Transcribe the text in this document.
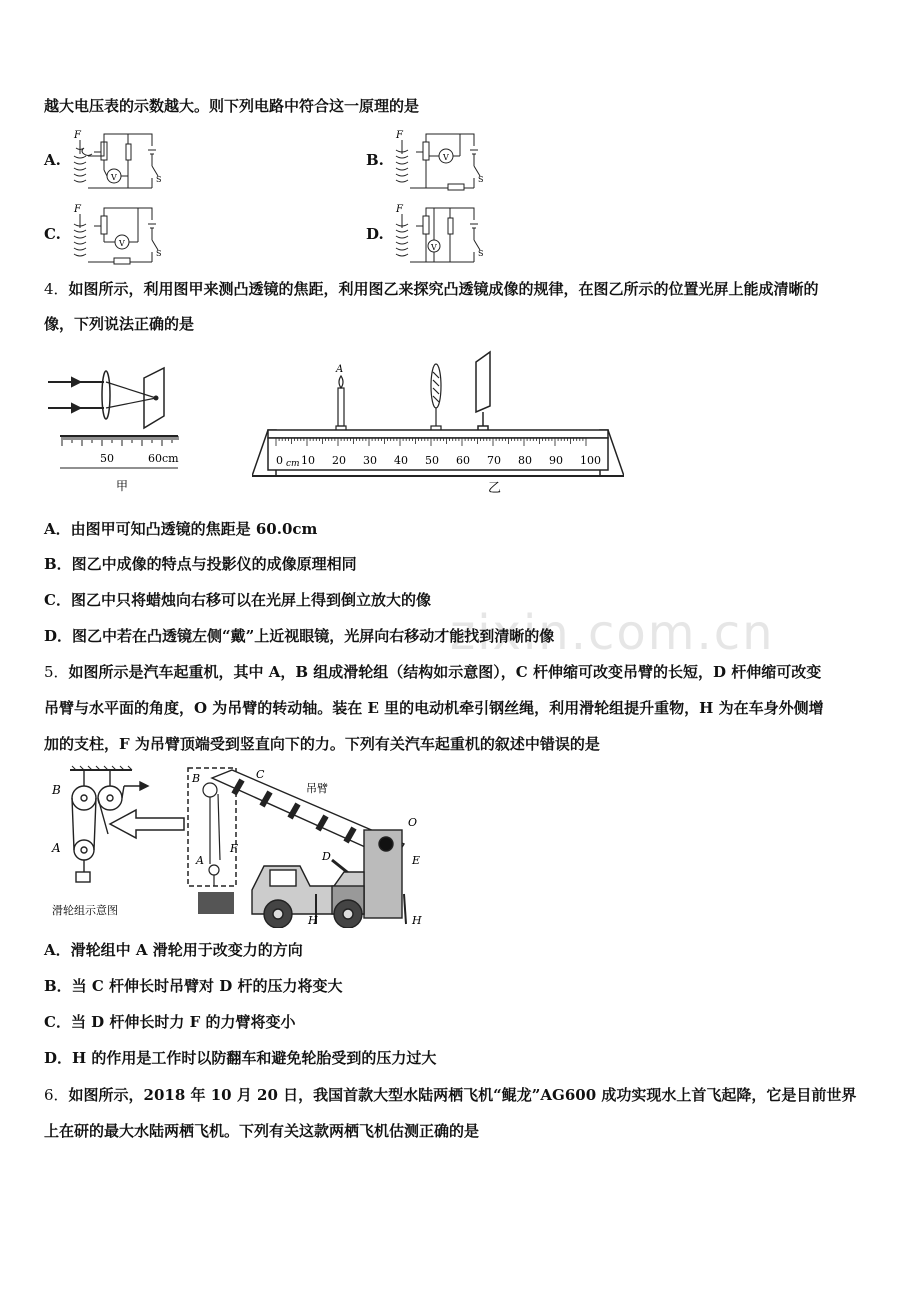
zixin.com.cn
越大电压表的示数越大。则下列电路中符合这一原理的是
A.	B.
C.	D.
F
V	S
F
V
S
F
V
S
F
V
S
4．如图所示，利用图甲来测凸透镜的焦距，利用图乙来探究凸透镜成像的规律，在图乙所示的位置光屏上能成清晰的
像，下列说法正确的是
50	60cm
甲
A
0 10 20 30 40 50 60 70 80 90 100
cm
乙
A．由图甲可知凸透镜的焦距是 60.0cm
B．图乙中成像的特点与投影仪的成像原理相同
C．图乙中只将蜡烛向右移可以在光屏上得到倒立放大的像
D．图乙中若在凸透镜左侧“戴”上近视眼镜，光屏向右移动才能找到清晰的像
5．如图所示是汽车起重机，其中 A，B 组成滑轮组（结构如示意图），C 杆伸缩可改变吊臂的长短，D 杆伸缩可改变
吊臂与水平面的角度，O 为吊臂的转动轴。装在 E 里的电动机牵引钢丝绳，利用滑轮组提升重物，H 为在车身外侧增
加的支柱，F 为吊臂顶端受到竖直向下的力。下列有关汽车起重机的叙述中错误的是
B
A
滑轮组示意图
B
A
F
C
吊臂
O
E
D
H	H
A．滑轮组中 A 滑轮用于改变力的方向
B．当 C 杆伸长时吊臂对 D 杆的压力将变大
C．当 D 杆伸长时力 F 的力臂将变小
D．H 的作用是工作时以防翻车和避免轮胎受到的压力过大
6．如图所示，2018 年 10 月 20 日，我国首款大型水陆两栖飞机“鲲龙”AG600 成功实现水上首飞起降，它是目前世界
上在研的最大水陆两栖飞机。下列有关这款两栖飞机估测正确的是
